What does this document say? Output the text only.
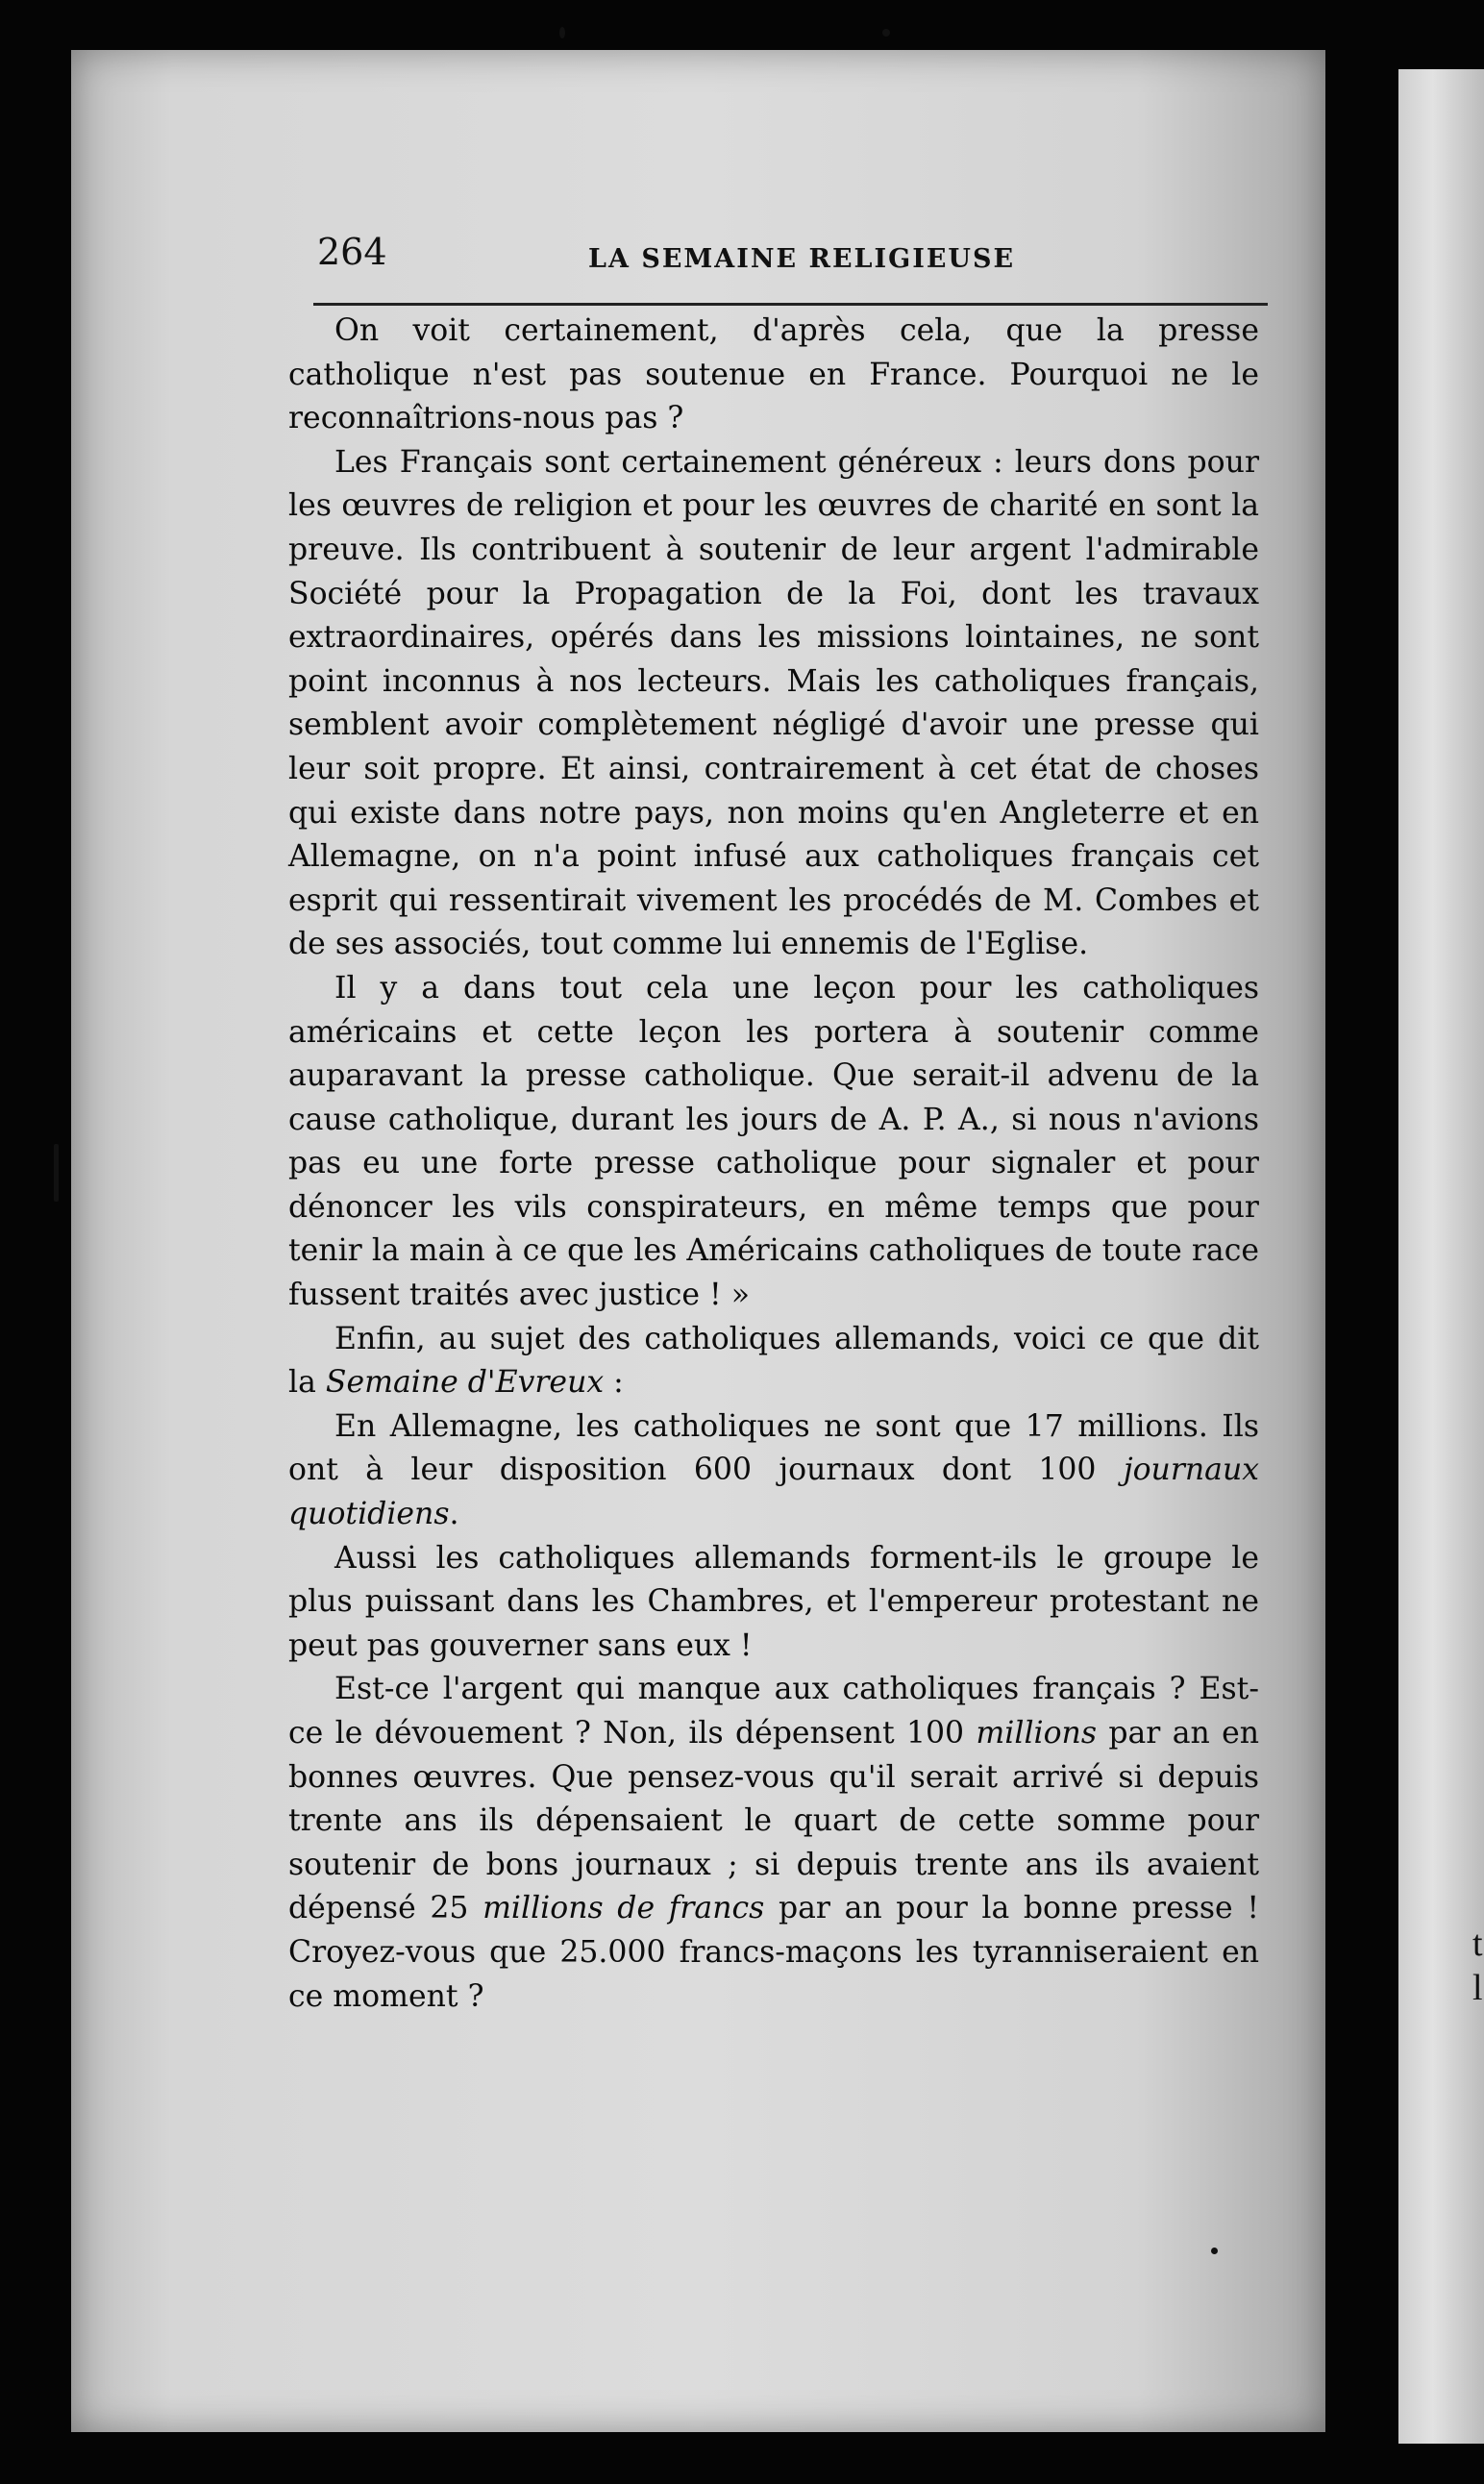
t
l
264	LA SEMAINE RELIGIEUSE

On voit certainement, d'après cela, que la presse catholique n'est pas soutenue en France. Pourquoi ne le reconnaîtrions-nous pas ?

Les Français sont certainement généreux : leurs dons pour les œuvres de religion et pour les œuvres de charité en sont la preuve. Ils contribuent à soutenir de leur argent l'admirable Société pour la Propagation de la Foi, dont les travaux extraordinaires, opérés dans les missions lointaines, ne sont point inconnus à nos lecteurs. Mais les catholiques français, semblent avoir complètement négligé d'avoir une presse qui leur soit propre. Et ainsi, contrairement à cet état de choses qui existe dans notre pays, non moins qu'en Angleterre et en Allemagne, on n'a point infusé aux catholiques français cet esprit qui ressentirait vivement les procédés de M. Combes et de ses associés, tout comme lui ennemis de l'Eglise.

Il y a dans tout cela une leçon pour les catholiques américains et cette leçon les portera à soutenir comme auparavant la presse catholique. Que serait-il advenu de la cause catholique, durant les jours de A. P. A., si nous n'avions pas eu une forte presse catholique pour signaler et pour dénoncer les vils conspirateurs, en même temps que pour tenir la main à ce que les Américains catholiques de toute race fussent traités avec justice ! »

Enfin, au sujet des catholiques allemands, voici ce que dit la Semaine d'Evreux :

En Allemagne, les catholiques ne sont que 17 millions. Ils ont à leur disposition 600 journaux dont 100 journaux quotidiens.

Aussi les catholiques allemands forment-ils le groupe le plus puissant dans les Chambres, et l'empereur protestant ne peut pas gouverner sans eux !

Est-ce l'argent qui manque aux catholiques français ? Est-ce le dévouement ? Non, ils dépensent 100 millions par an en bonnes œuvres. Que pensez-vous qu'il serait arrivé si depuis trente ans ils dépensaient le quart de cette somme pour soutenir de bons journaux ; si depuis trente ans ils avaient dépensé 25 millions de francs par an pour la bonne presse ! Croyez-vous que 25.000 francs-maçons les tyranniseraient en ce moment ?
